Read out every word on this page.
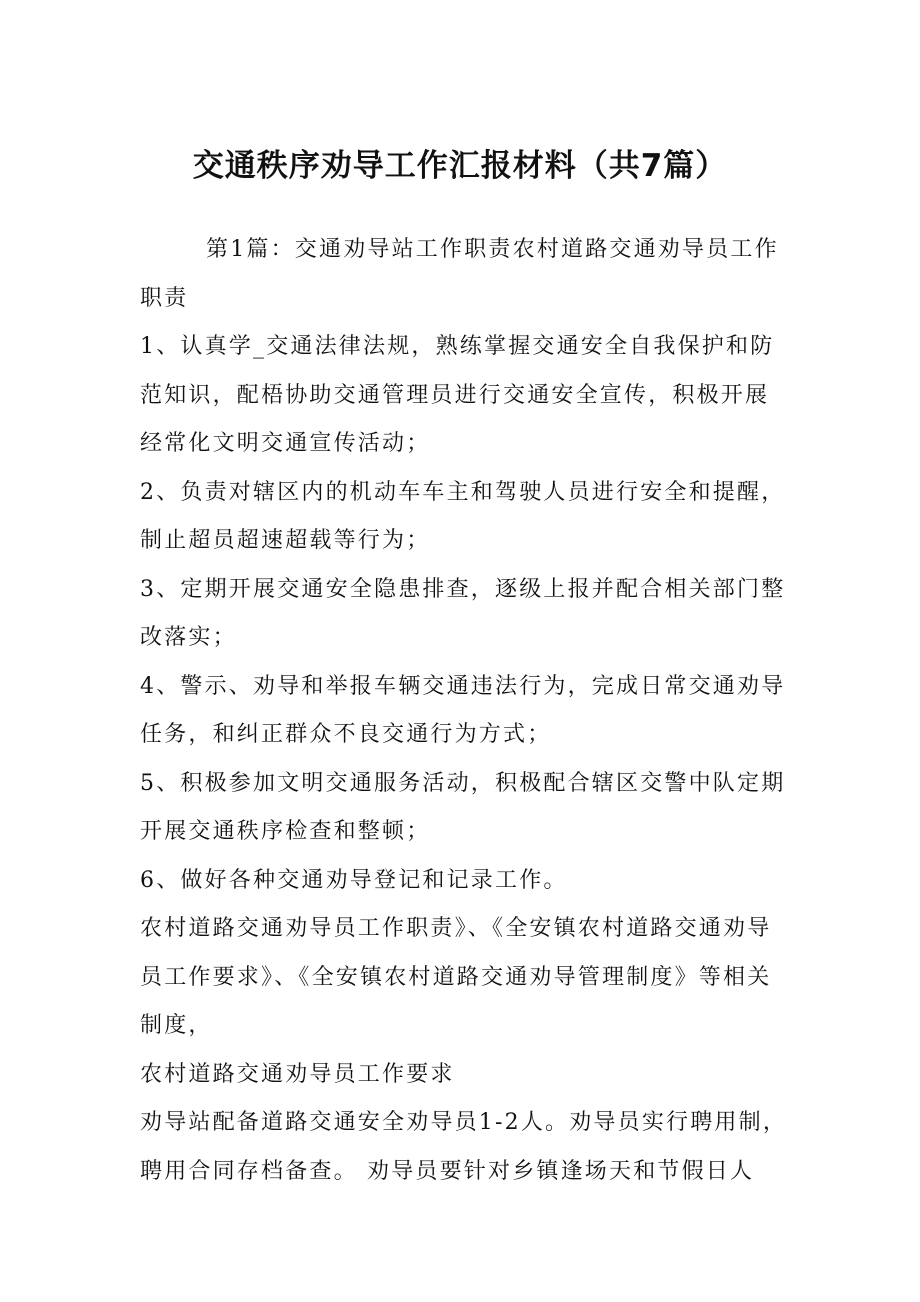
交通秩序劝导工作汇报材料（共7篇）

第1篇：交通劝导站工作职责农村道路交通劝导员工作职责

1、认真学_交通法律法规，熟练掌握交通安全自我保护和防范知识，配梧协助交通管理员进行交通安全宣传，积极开展经常化文明交通宣传活动；

2、负责对辖区内的机动车车主和驾驶人员进行安全和提醒，制止超员超速超载等行为；

3、定期开展交通安全隐患排查，逐级上报并配合相关部门整改落实；

4、警示、劝导和举报车辆交通违法行为，完成日常交通劝导任务，和纠正群众不良交通行为方式；

5、积极参加文明交通服务活动，积极配合辖区交警中队定期开展交通秩序检查和整顿；

6、做好各种交通劝导登记和记录工作。

农村道路交通劝导员工作职责》、《全安镇农村道路交通劝导员工作要求》、《全安镇农村道路交通劝导管理制度》等相关制度，

农村道路交通劝导员工作要求

劝导站配备道路交通安全劝导员1-2人。劝导员实行聘用制，聘用合同存档备查。 劝导员要针对乡镇逢场天和节假日人
